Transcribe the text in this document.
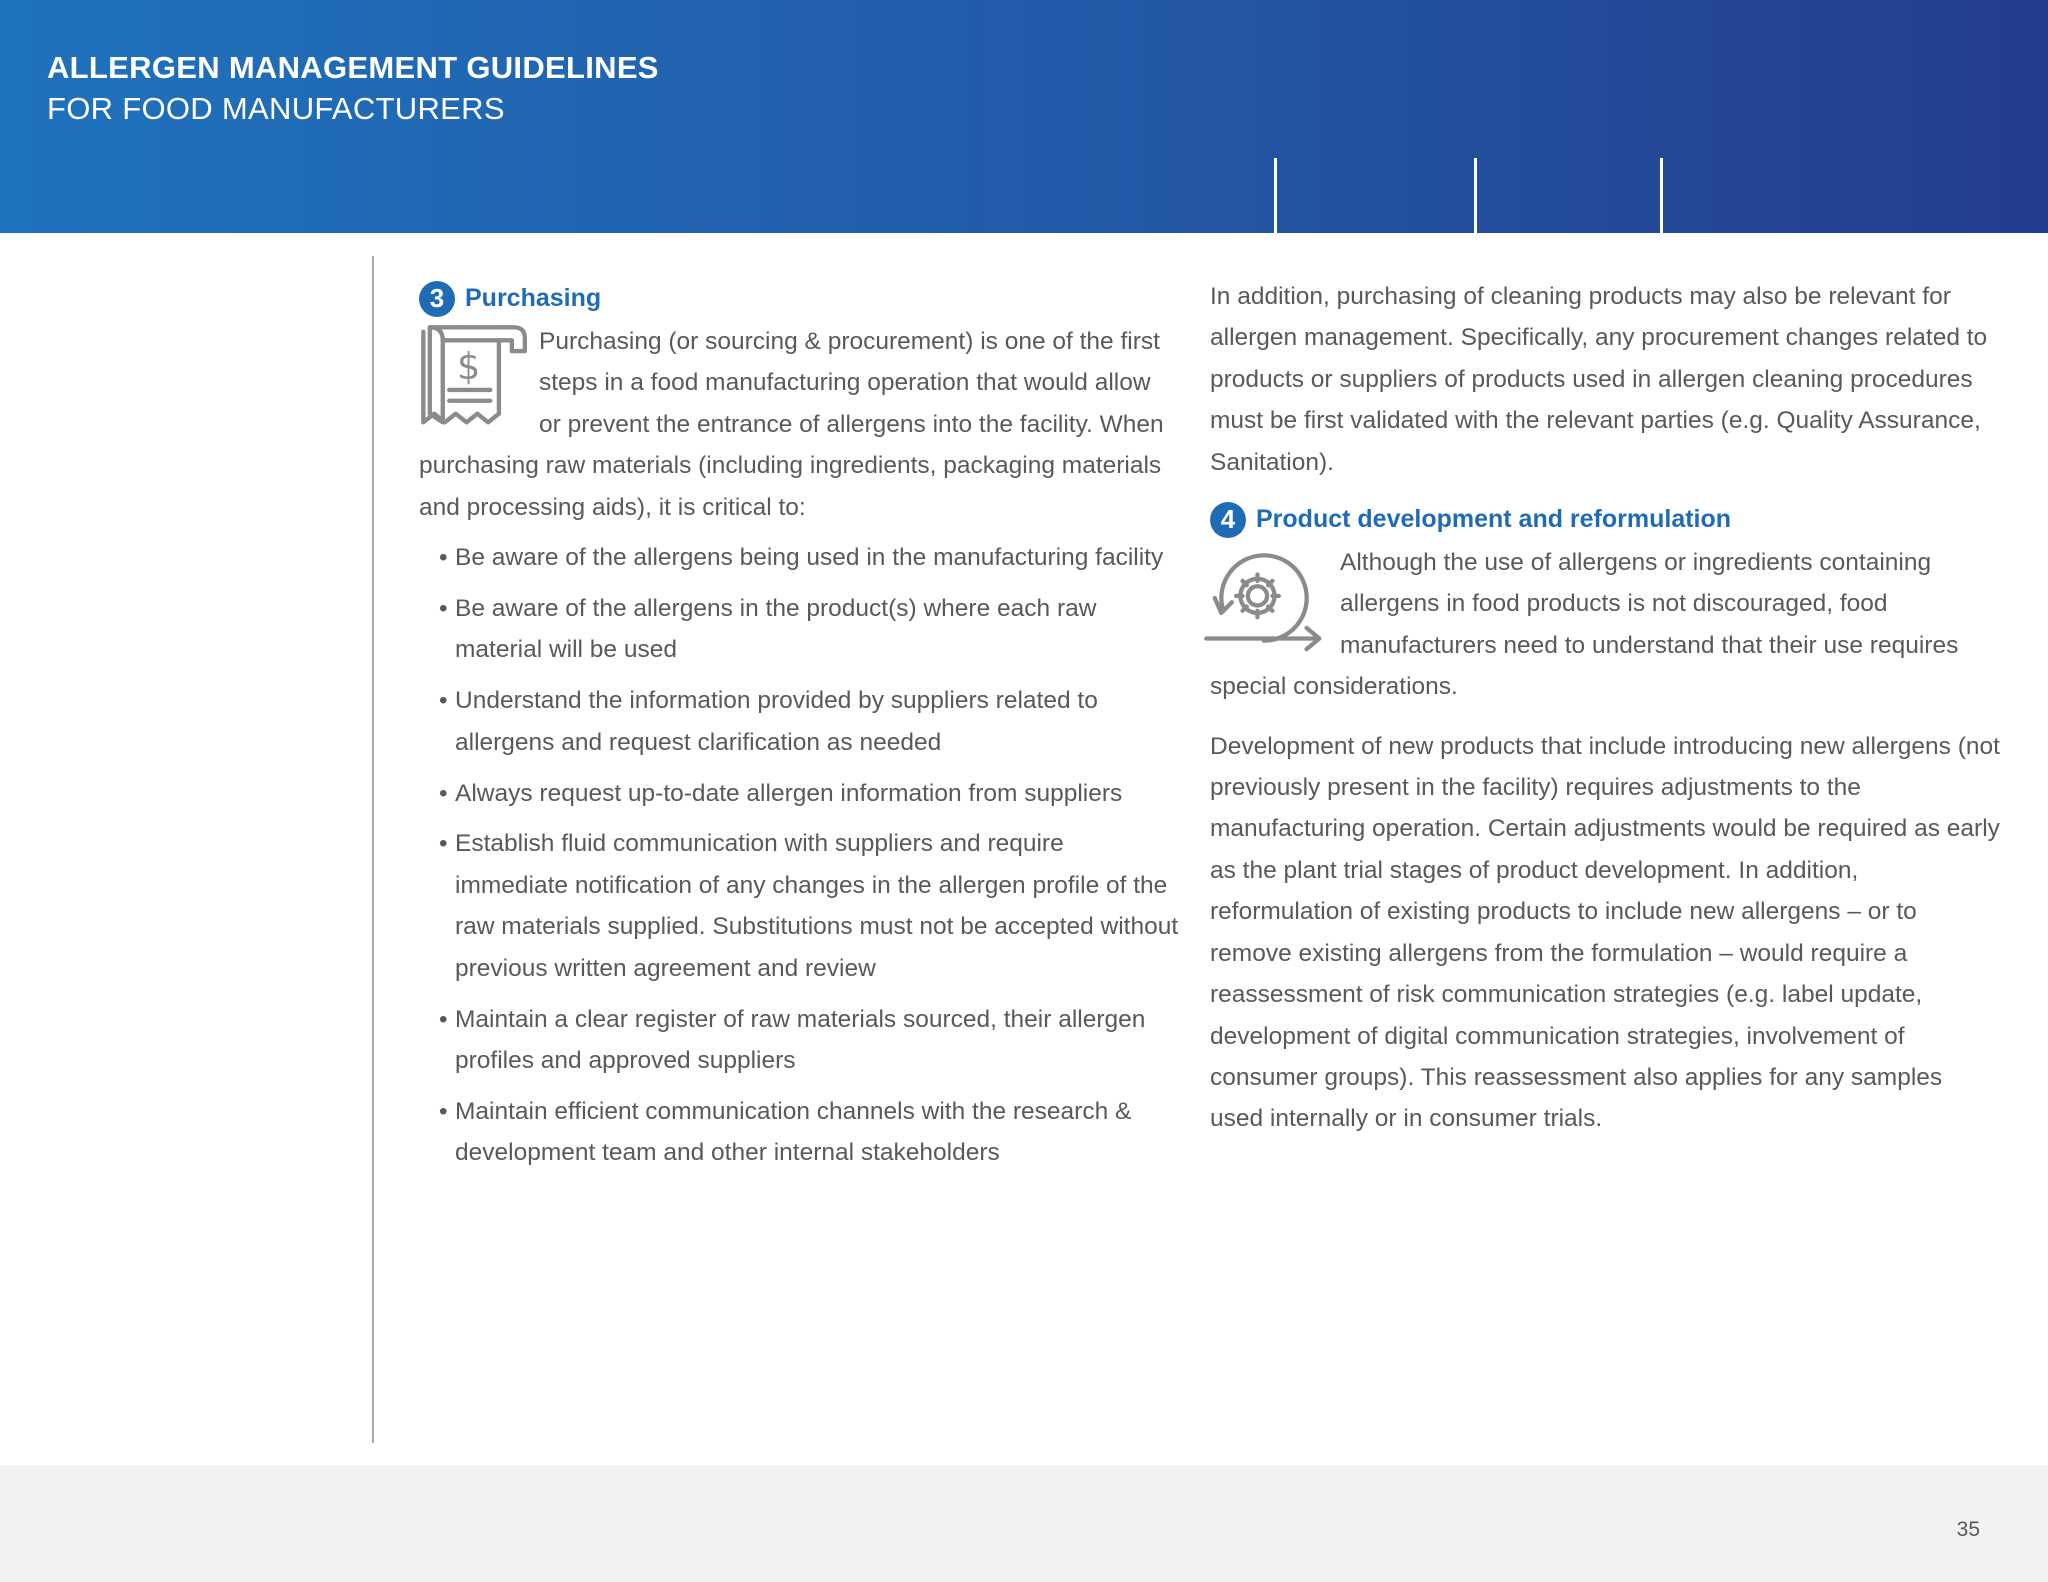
ALLERGEN MANAGEMENT GUIDELINES
FOR FOOD MANUFACTURERS
3 Purchasing

$
Purchasing (or sourcing & procurement) is one of the first steps in a food manufacturing operation that would allow or prevent the entrance of allergens into the facility. When purchasing raw materials (including ingredients, packaging materials and processing aids), it is critical to:

• Be aware of the allergens being used in the manufacturing facility
• Be aware of the allergens in the product(s) where each raw material will be used
• Understand the information provided by suppliers related to allergens and request clarification as needed
• Always request up-to-date allergen information from suppliers
• Establish fluid communication with suppliers and require immediate notification of any changes in the allergen profile of the raw materials supplied. Substitutions must not be accepted without previous written agreement and review
• Maintain a clear register of raw materials sourced, their allergen profiles and approved suppliers
• Maintain efficient communication channels with the research & development team and other internal stakeholders

In addition, purchasing of cleaning products may also be relevant for allergen management. Specifically, any procurement changes related to products or suppliers of products used in allergen cleaning procedures must be first validated with the relevant parties (e.g. Quality Assurance, Sanitation).

4 Product development and reformulation

Although the use of allergens or ingredients containing allergens in food products is not discouraged, food manufacturers need to understand that their use requires special considerations.

Development of new products that include introducing new allergens (not previously present in the facility) requires adjustments to the manufacturing operation. Certain adjustments would be required as early as the plant trial stages of product development. In addition, reformulation of existing products to include new allergens – or to remove existing allergens from the formulation – would require a reassessment of risk communication strategies (e.g. label update, development of digital communication strategies, involvement of consumer groups). This reassessment also applies for any samples used internally or in consumer trials.

35
